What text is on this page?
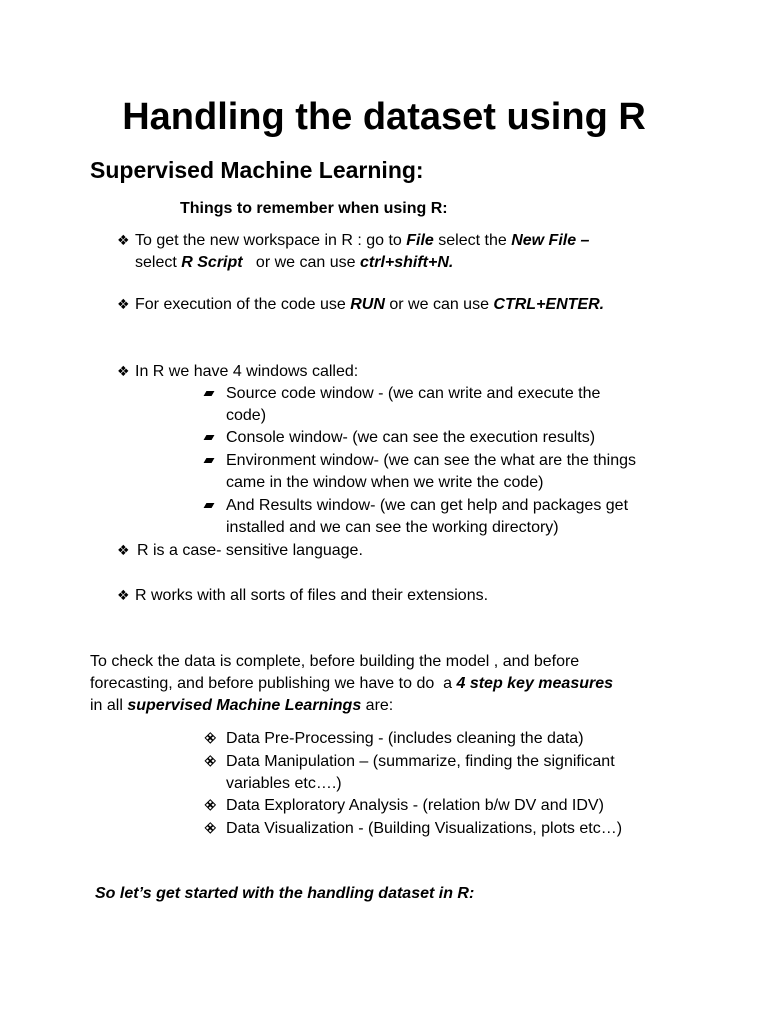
Handling the dataset using R
Supervised Machine Learning:
Things to remember when using R:
❖ To get the new workspace in R : go to File select the New File –
select R Script   or we can use ctrl+shift+N.
❖ For execution of the code use RUN or we can use CTRL+ENTER.
❖ In R we have 4 windows called:
Source code window - (we can write and execute the
code)
Console window- (we can see the execution results)
Environment window- (we can see the what are the things
came in the window when we write the code)
And Results window- (we can get help and packages get
installed and we can see the working directory)
❖ R is a case- sensitive language.
❖ R works with all sorts of files and their extensions.
To check the data is complete, before building the model , and before
forecasting, and before publishing we have to do  a 4 step key measures
in all supervised Machine Learnings are:
❖ Data Pre-Processing - (includes cleaning the data)
❖ Data Manipulation – (summarize, finding the significant
variables etc….)
❖ Data Exploratory Analysis - (relation b/w DV and IDV)
❖ Data Visualization - (Building Visualizations, plots etc…)
So let’s get started with the handling dataset in R:
